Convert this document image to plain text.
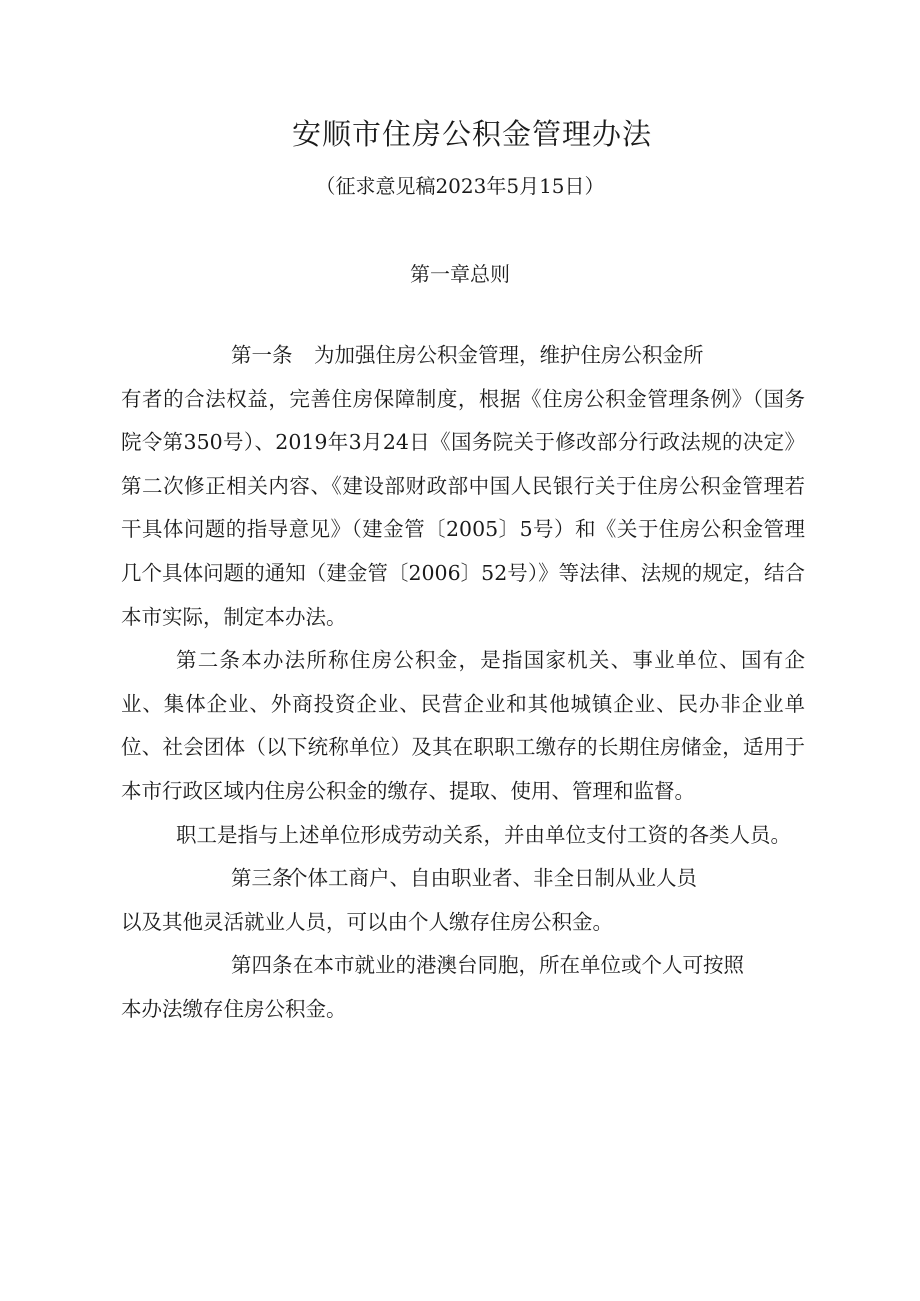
安顺市住房公积金管理办法
（征求意见稿2023年5月15日）
第一章总则

第一条 为加强住房公积金管理，维护住房公积金所
有者的合法权益，完善住房保障制度，根据《住房公积金管理条例》（国务院令第350号）、2019年3月24日《国务院关于修改部分行政法规的决定》第二次修正相关内容、《建设部财政部中国人民银行关于住房公积金管理若干具体问题的指导意见》（建金管〔2005〕5号）和《关于住房公积金管理几个具体问题的通知（建金管〔2006〕52号）》等法律、法规的规定，结合本市实际，制定本办法。

第二条本办法所称住房公积金，是指国家机关、事业单位、国有企业、集体企业、外商投资企业、民营企业和其他城镇企业、民办非企业单位、社会团体（以下统称单位）及其在职职工缴存的长期住房储金，适用于本市行政区域内住房公积金的缴存、提取、使用、管理和监督。

职工是指与上述单位形成劳动关系，并由单位支付工资的各类人员。

第三条个体工商户、自由职业者、非全日制从业人员
以及其他灵活就业人员，可以由个人缴存住房公积金。

第四条在本市就业的港澳台同胞，所在单位或个人可按照
本办法缴存住房公积金。
